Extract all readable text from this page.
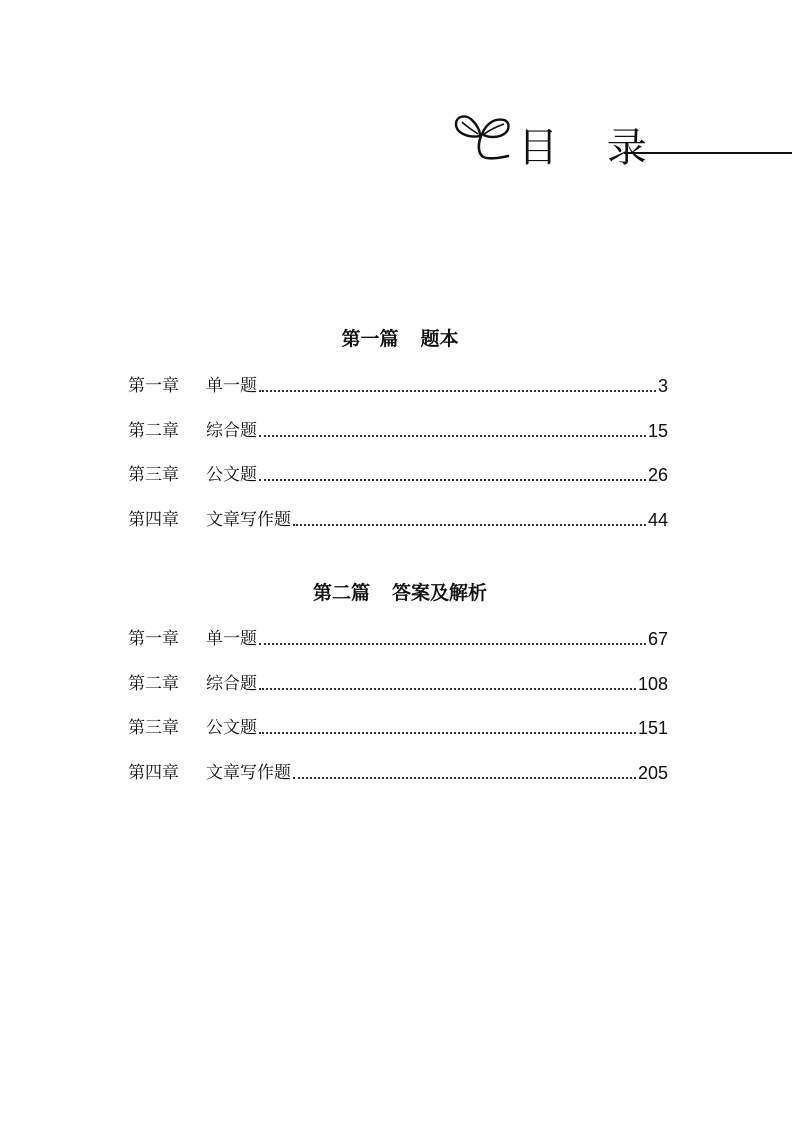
目 录
第一篇 题本
第一章	单一题	3
第二章	综合题	15
第三章	公文题	26
第四章	文章写作题	44
第二篇 答案及解析
第一章	单一题	67
第二章	综合题	108
第三章	公文题	151
第四章	文章写作题	205
